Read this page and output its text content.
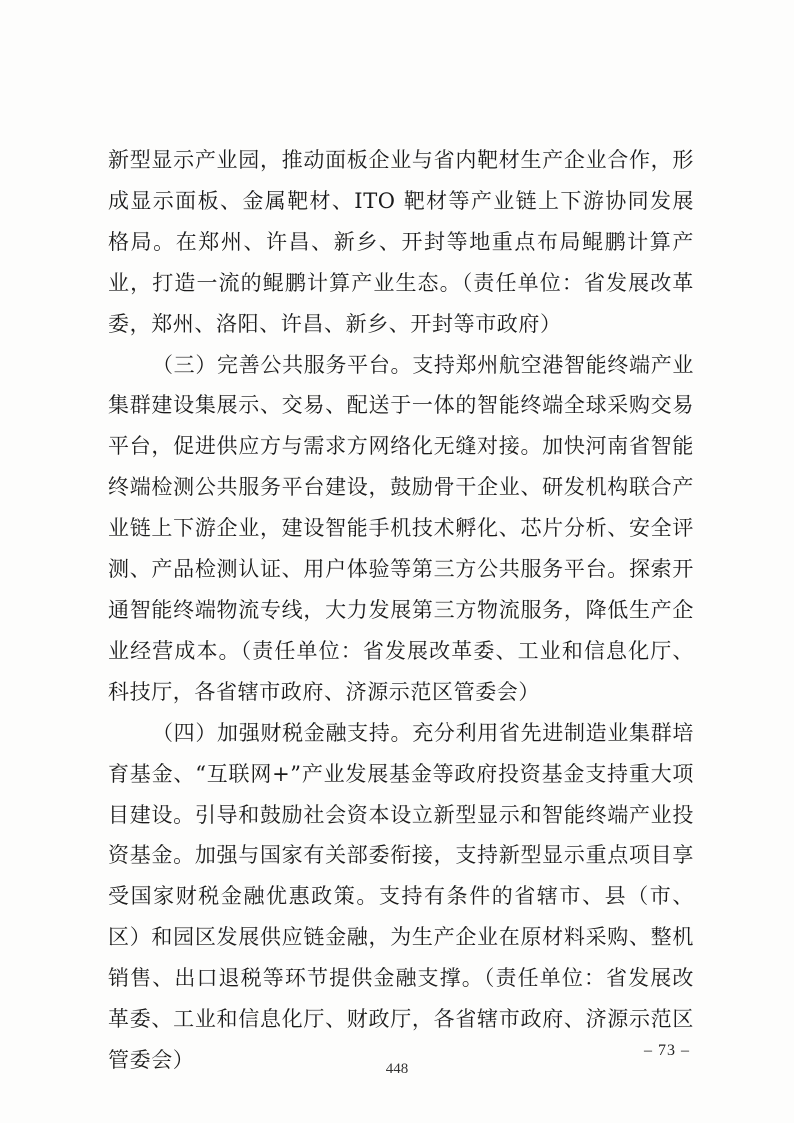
新型显示产业园，推动面板企业与省内靶材生产企业合作，形成显示面板、金属靶材、ITO 靶材等产业链上下游协同发展格局。在郑州、许昌、新乡、开封等地重点布局鲲鹏计算产业，打造一流的鲲鹏计算产业生态。（责任单位：省发展改革委，郑州、洛阳、许昌、新乡、开封等市政府）

（三）完善公共服务平台。支持郑州航空港智能终端产业集群建设集展示、交易、配送于一体的智能终端全球采购交易平台，促进供应方与需求方网络化无缝对接。加快河南省智能终端检测公共服务平台建设，鼓励骨干企业、研发机构联合产业链上下游企业，建设智能手机技术孵化、芯片分析、安全评测、产品检测认证、用户体验等第三方公共服务平台。探索开通智能终端物流专线，大力发展第三方物流服务，降低生产企业经营成本。（责任单位：省发展改革委、工业和信息化厅、科技厅，各省辖市政府、济源示范区管委会）

（四）加强财税金融支持。充分利用省先进制造业集群培育基金、“互联网+”产业发展基金等政府投资基金支持重大项目建设。引导和鼓励社会资本设立新型显示和智能终端产业投资基金。加强与国家有关部委衔接，支持新型显示重点项目享受国家财税金融优惠政策。支持有条件的省辖市、县（市、区）和园区发展供应链金融，为生产企业在原材料采购、整机销售、出口退税等环节提供金融支撑。（责任单位：省发展改革委、工业和信息化厅、财政厅，各省辖市政府、济源示范区管委会）	– 73 –
448
